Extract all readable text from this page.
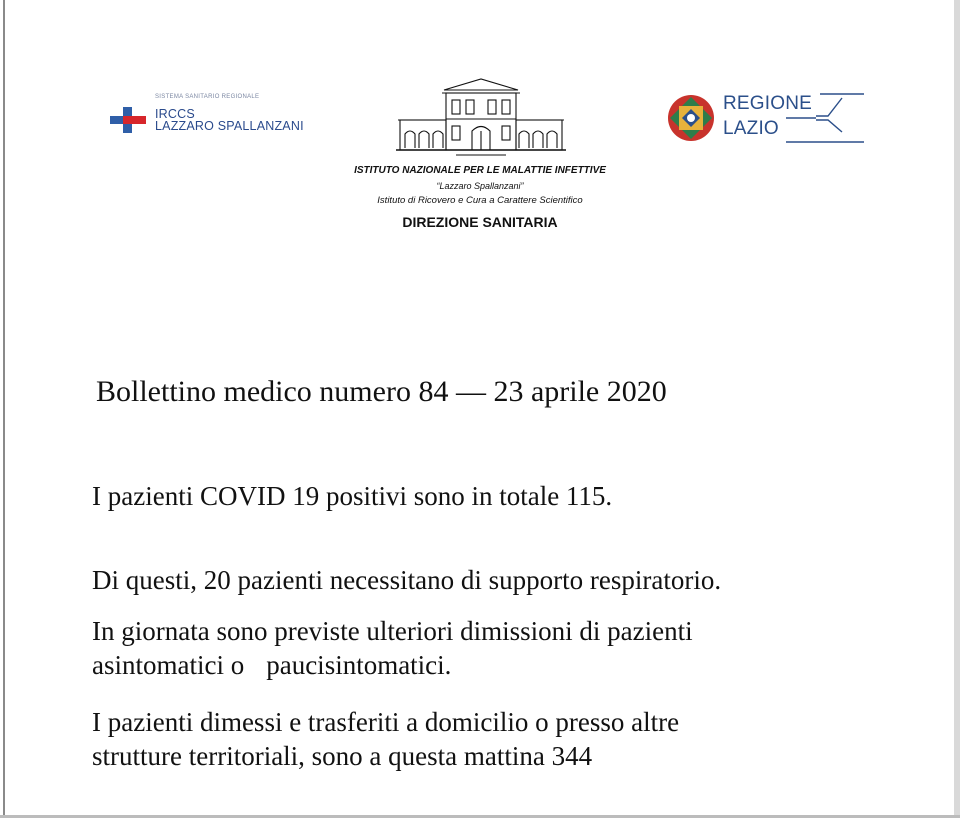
SISTEMA SANITARIO REGIONALE
IRCCS
LAZZARO SPALLANZANI
ISTITUTO NAZIONALE PER LE MALATTIE INFETTIVE
“Lazzaro Spallanzani”
Istituto di Ricovero e Cura a Carattere Scientifico
DIREZIONE SANITARIA
REGIONE
LAZIO
Bollettino medico numero 84 — 23 aprile 2020
I pazienti COVID 19 positivi sono in totale 115.
Di questi, 20 pazienti necessitano di supporto respiratorio.
In giornata sono previste ulteriori dimissioni di pazienti
asintomatici o paucisintomatici.
I pazienti dimessi e trasferiti a domicilio o presso altre
strutture territoriali, sono a questa mattina 344
